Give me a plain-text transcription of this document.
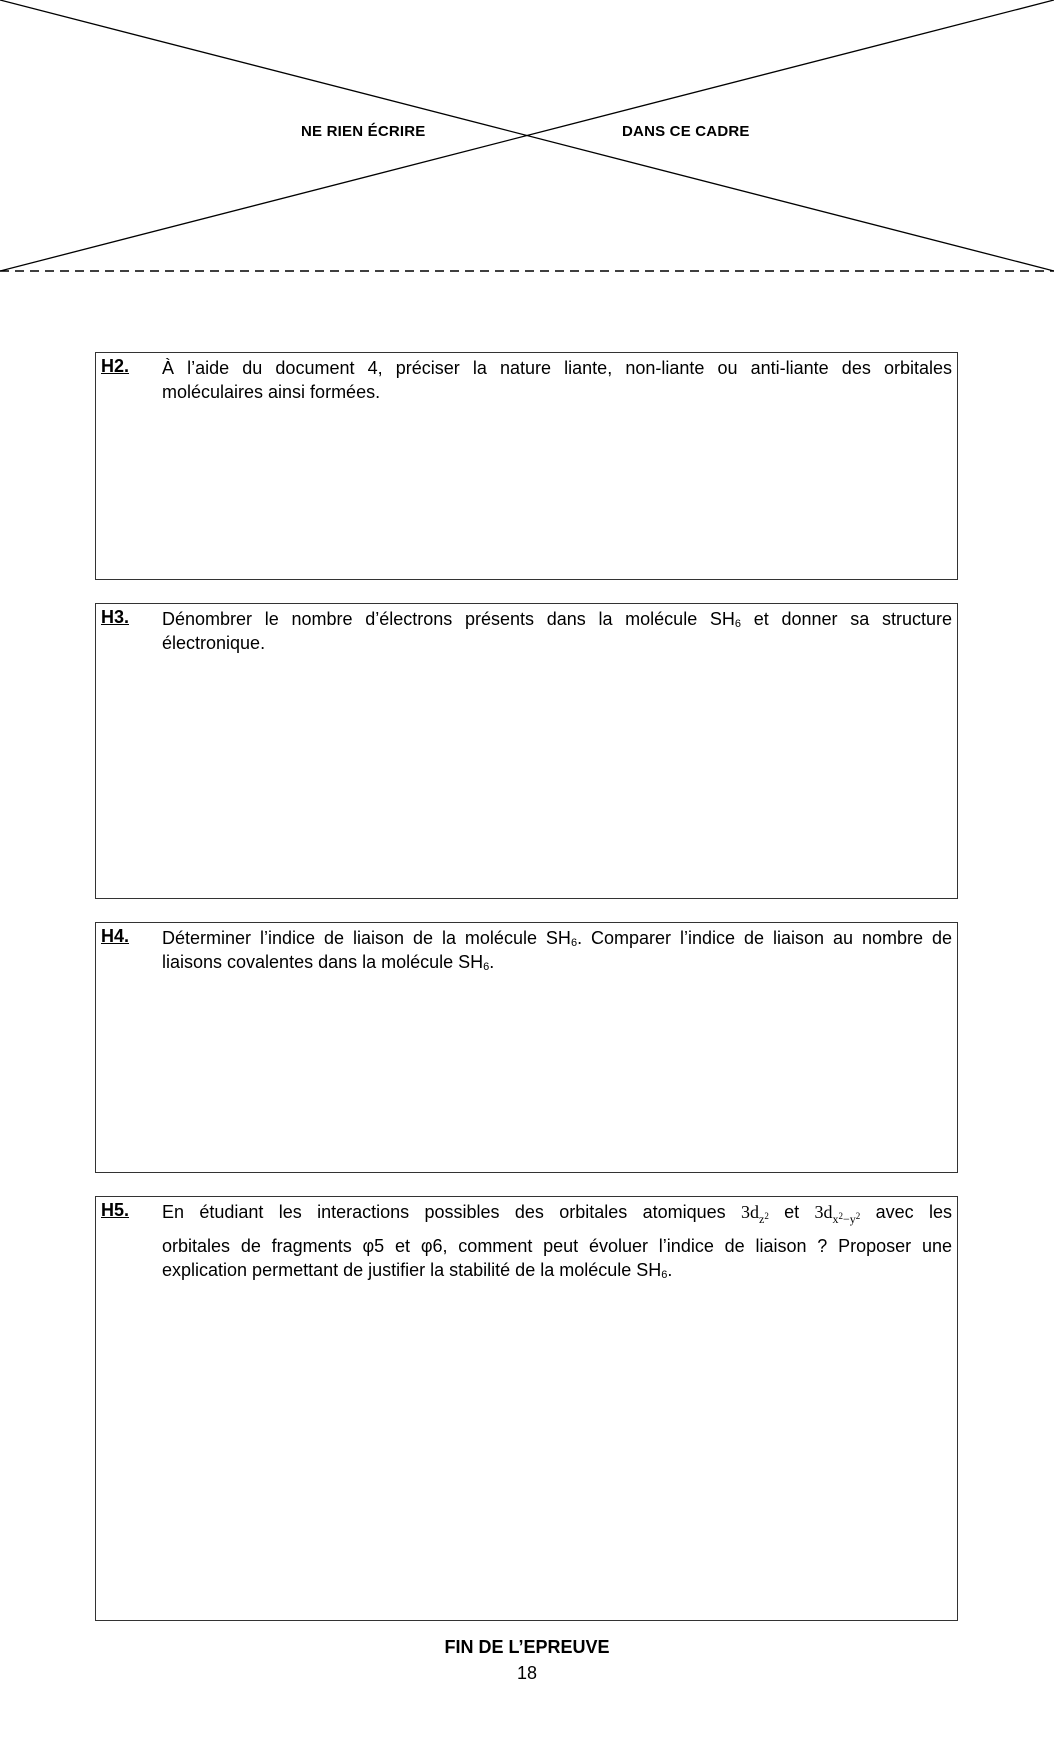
NE RIEN ÉCRIRE	DANS CE CADRE
H2. À l’aide du document 4, préciser la nature liante, non-liante ou anti-liante des orbitales moléculaires ainsi formées.
H3. Dénombrer le nombre d’électrons présents dans la molécule $SH_6$ et donner sa structure électronique.
H4. Déterminer l’indice de liaison de la molécule $SH_6$. Comparer l’indice de liaison au nombre de liaisons covalentes dans la molécule $SH_6$.
H5. En étudiant les interactions possibles des orbitales atomiques $3d_{z^2}$ et $3d_{x^2-y^2}$ avec les
orbitales de fragments φ5 et φ6, comment peut évoluer l’indice de liaison ? Proposer une explication permettant de justifier la stabilité de la molécule $SH_6$.
FIN DE L’EPREUVE
18
